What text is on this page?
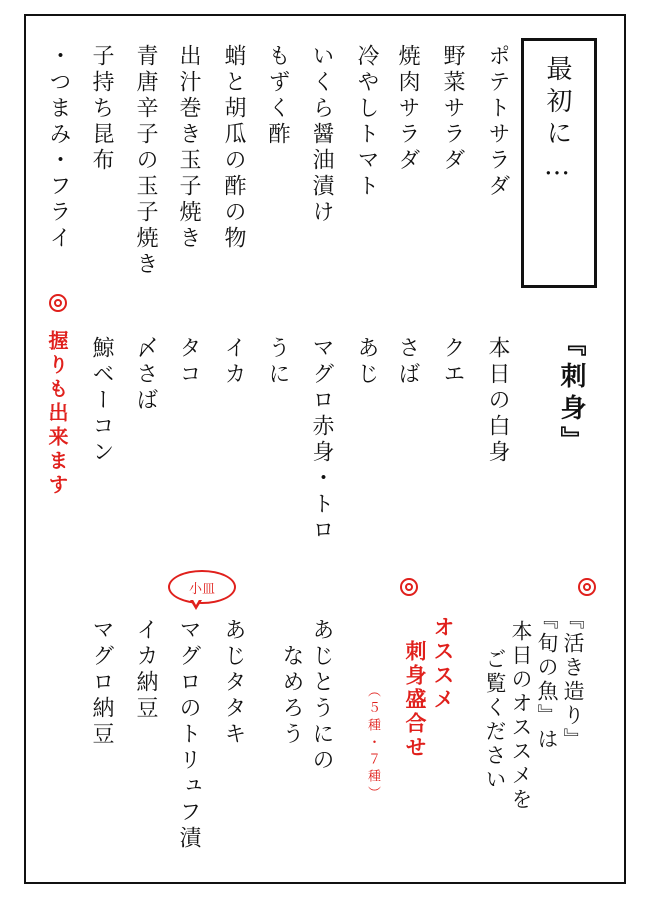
最初に…
ポテトサラダ
野菜サラダ
焼肉サラダ
冷やしトマト
いくら醤油漬け
もずく酢
蛸と胡瓜の酢の物
出汁巻き玉子焼き
青唐辛子の玉子焼き
子持ち昆布
・つまみ・フライ
握りも出来ます	『刺身』
本日の白身
クエ
さば
あじ
マグロ赤身・トロ
うに
イカ
タコ
〆さば
鯨ベーコン
『活き造り』
『旬の魚』は
本日のオススメを
ご覧ください
オススメ
刺身盛合せ
（５種・７種）
あじとうにの
なめろう
あじタタキ
マグロのトリュフ漬
イカ納豆
マグロ納豆
小皿
